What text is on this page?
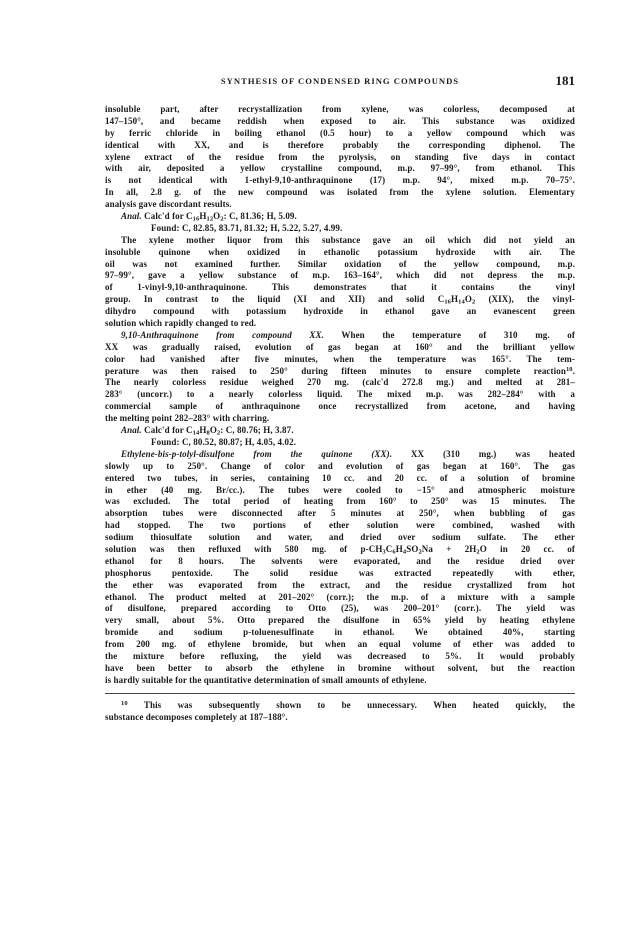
SYNTHESIS OF CONDENSED RING COMPOUNDS	181
insoluble part, after recrystallization from xylene, was colorless, decomposed at
147–150°, and became reddish when exposed to air. This substance was oxidized
by ferric chloride in boiling ethanol (0.5 hour) to a yellow compound which was
identical with XX, and is therefore probably the corresponding diphenol. The
xylene extract of the residue from the pyrolysis, on standing five days in contact
with air, deposited a yellow crystalline compound, m.p. 97–99°, from ethanol. This
is not identical with 1-ethyl-9,10-anthraquinone (17) m.p. 94°, mixed m.p. 70–75°.
In all, 2.8 g. of the new compound was isolated from the xylene solution. Elementary
analysis gave discordant results.
Anal. Calc'd for $C_{16}H_{12}O_2$: C, 81.36; H, 5.09.
Found: C, 82.85, 83.71, 81.32; H, 5.22, 5.27, 4.99.
The xylene mother liquor from this substance gave an oil which did not yield an
insoluble quinone when oxidized in ethanolic potassium hydroxide with air. The
oil was not examined further. Similar oxidation of the yellow compound, m.p.
97–99°, gave a yellow substance of m.p. 163–164°, which did not depress the m.p.
of 1-vinyl-9,10-anthraquinone. This demonstrates that it contains the vinyl
group. In contrast to the liquid (XI and XII) and solid $C_{16}H_{14}O_2$ (XIX), the vinyl-
dihydro compound with potassium hydroxide in ethanol gave an evanescent green
solution which rapidly changed to red.
9,10-Anthraquinone from compound XX. When the temperature of 310 mg. of
XX was gradually raised, evolution of gas began at 160° and the brilliant yellow
color had vanished after five minutes, when the temperature was 165°. The tem-
perature was then raised to 250° during fifteen minutes to ensure complete reaction$^{10}$.
The nearly colorless residue weighed 270 mg. (calc'd 272.8 mg.) and melted at 281–
283° (uncorr.) to a nearly colorless liquid. The mixed m.p. was 282–284° with a
commercial sample of anthraquinone once recrystallized from acetone, and having
the melting point 282–283° with charring.
Anal. Calc'd for $C_{14}H_8O_2$: C, 80.76; H, 3.87.
Found: C, 80.52, 80.87; H, 4.05, 4.02.
Ethylene-bis-p-tolyl-disulfone from the quinone (XX). XX (310 mg.) was heated
slowly up to 250°. Change of color and evolution of gas began at 160°. The gas
entered two tubes, in series, containing 10 cc. and 20 cc. of a solution of bromine
in ether (40 mg. Br/cc.). The tubes were cooled to −15° and atmospheric moisture
was excluded. The total period of heating from 160° to 250° was 15 minutes. The
absorption tubes were disconnected after 5 minutes at 250°, when bubbling of gas
had stopped. The two portions of ether solution were combined, washed with
sodium thiosulfate solution and water, and dried over sodium sulfate. The ether
solution was then refluxed with 580 mg. of $p-CH_3C_6H_4SO_2Na + 2H_2O$ in 20 cc. of
ethanol for 8 hours. The solvents were evaporated, and the residue dried over
phosphorus pentoxide. The solid residue was extracted repeatedly with ether,
the ether was evaporated from the extract, and the residue crystallized from hot
ethanol. The product melted at 201–202° (corr.); the m.p. of a mixture with a sample
of disulfone, prepared according to Otto (25), was 200–201° (corr.). The yield was
very small, about 5%. Otto prepared the disulfone in 65% yield by heating ethylene
bromide and sodium p-toluenesulfinate in ethanol. We obtained 40%, starting
from 200 mg. of ethylene bromide, but when an equal volume of ether was added to
the mixture before refluxing, the yield was decreased to 5%. It would probably
have been better to absorb the ethylene in bromine without solvent, but the reaction
is hardly suitable for the quantitative determination of small amounts of ethylene.
$^{10}$ This was subsequently shown to be unnecessary. When heated quickly, the
substance decomposes completely at 187–188°.
